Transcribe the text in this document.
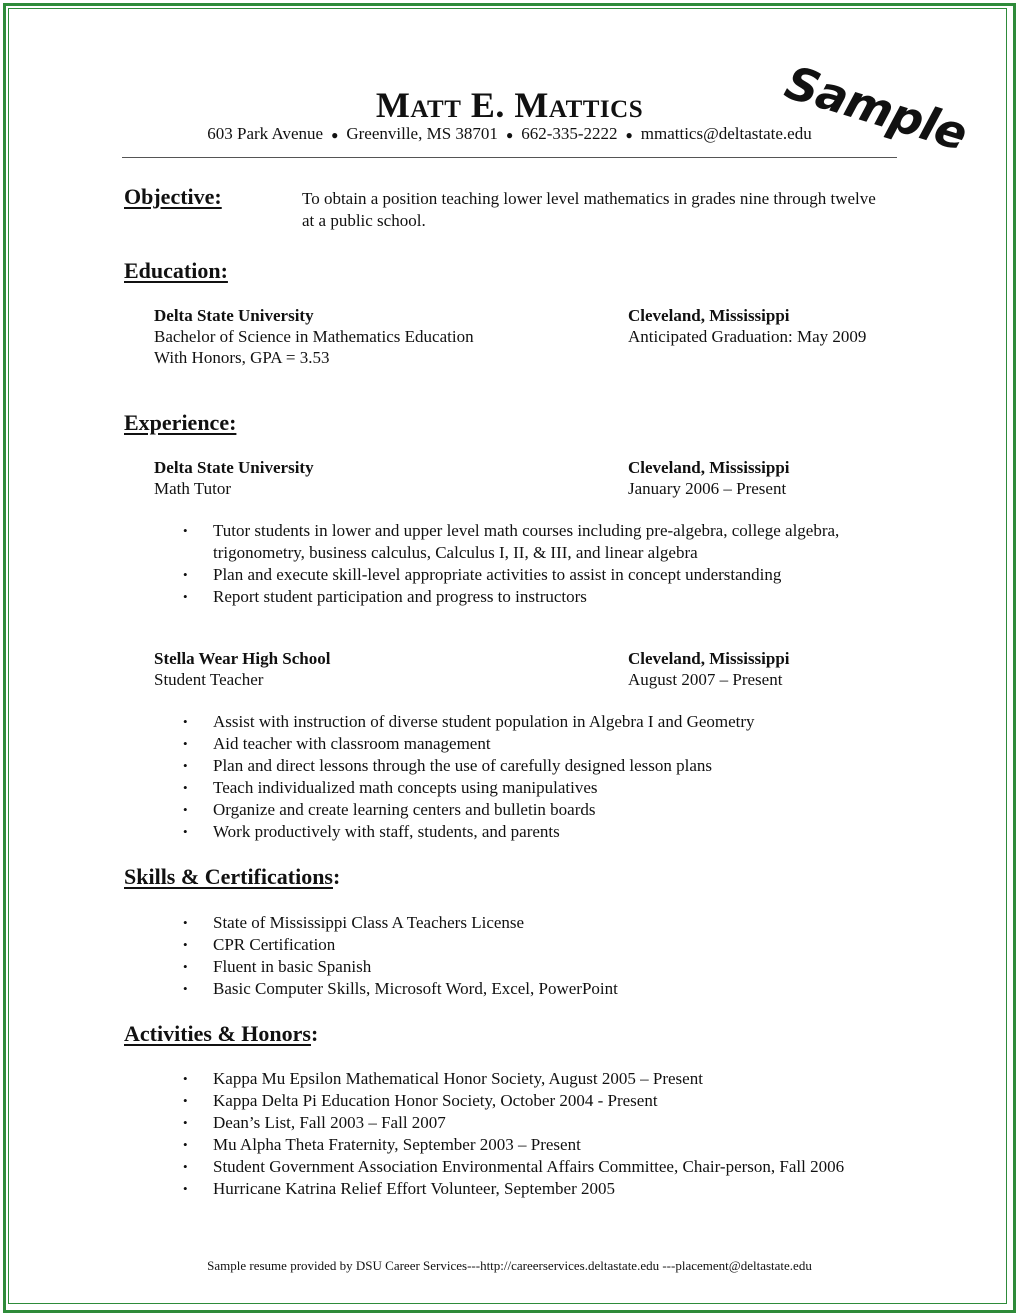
Sample
Matt E. Mattics
603 Park Avenue ● Greenville, MS 38701 ● 662-335-2222 ● mmattics@deltastate.edu
Objective:	To obtain a position teaching lower level mathematics in grades nine through twelve at a public school.
Education:
Delta State University	Cleveland, Mississippi
Bachelor of Science in Mathematics Education	Anticipated Graduation: May 2009
With Honors, GPA = 3.53
Experience:
Delta State University	Cleveland, Mississippi
Math Tutor	January 2006 – Present
• Tutor students in lower and upper level math courses including pre-algebra, college algebra, trigonometry, business calculus, Calculus I, II, & III, and linear algebra
• Plan and execute skill-level appropriate activities to assist in concept understanding
• Report student participation and progress to instructors
Stella Wear High School	Cleveland, Mississippi
Student Teacher	August 2007 – Present
• Assist with instruction of diverse student population in Algebra I and Geometry
• Aid teacher with classroom management
• Plan and direct lessons through the use of carefully designed lesson plans
• Teach individualized math concepts using manipulatives
• Organize and create learning centers and bulletin boards
• Work productively with staff, students, and parents
Skills & Certifications:
• State of Mississippi Class A Teachers License
• CPR Certification
• Fluent in basic Spanish
• Basic Computer Skills, Microsoft Word, Excel, PowerPoint
Activities & Honors:
• Kappa Mu Epsilon Mathematical Honor Society, August 2005 – Present
• Kappa Delta Pi Education Honor Society, October 2004 - Present
• Dean’s List, Fall 2003 – Fall 2007
• Mu Alpha Theta Fraternity, September 2003 – Present
• Student Government Association Environmental Affairs Committee, Chair-person, Fall 2006
• Hurricane Katrina Relief Effort Volunteer, September 2005
Sample resume provided by DSU Career Services---http://careerservices.deltastate.edu ---placement@deltastate.edu
